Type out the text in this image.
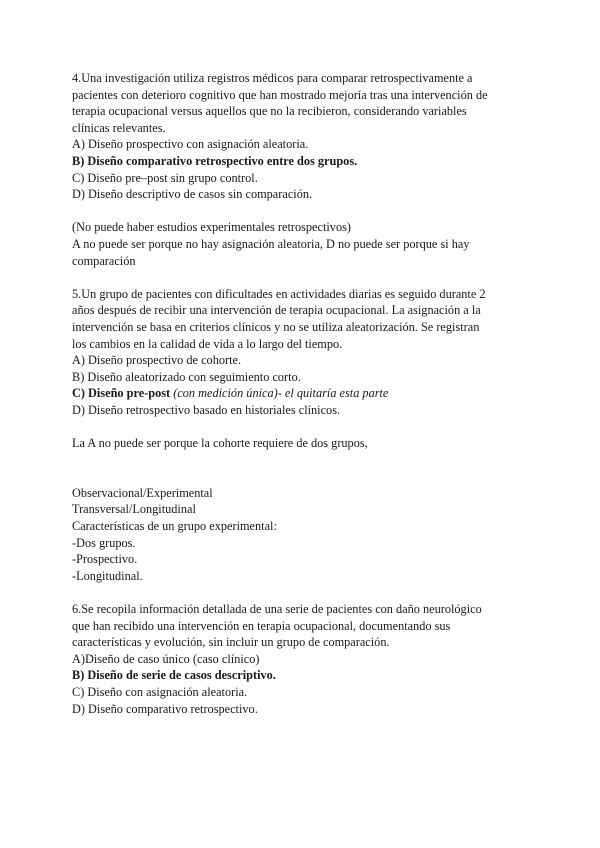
4.Una investigación utiliza registros médicos para comparar retrospectivamente a
pacientes con deterioro cognitivo que han mostrado mejoría tras una intervención de
terapia ocupacional versus aquellos que no la recibieron, considerando variables
clínicas relevantes.
A) Diseño prospectivo con asignación aleatoria.
B) Diseño comparativo retrospectivo entre dos grupos.
C) Diseño pre–post sin grupo control.
D) Diseño descriptivo de casos sin comparación.
(No puede haber estudios experimentales retrospectivos)
A no puede ser porque no hay asignación aleatoria, D no puede ser porque si hay
comparación
5.Un grupo de pacientes con dificultades en actividades diarias es seguido durante 2
años después de recibir una intervención de terapia ocupacional. La asignación a la
intervención se basa en criterios clínicos y no se utiliza aleatorización. Se registran
los cambios en la calidad de vida a lo largo del tiempo.
A) Diseño prospectivo de cohorte.
B) Diseño aleatorizado con seguimiento corto.
C) Diseño pre-post (con medición única)- el quitaría esta parte
D) Diseño retrospectivo basado en historiales clínicos.
La A no puede ser porque la cohorte requiere de dos grupos,
Observacional/Experimental
Transversal/Longitudinal
Características de un grupo experimental:
-Dos grupos.
-Prospectivo.
-Longitudinal.
6.Se recopila información detallada de una serie de pacientes con daño neurológico
que han recibido una intervención en terapia ocupacional, documentando sus
características y evolución, sin incluir un grupo de comparación.
A)Diseño de caso único (caso clínico)
B) Diseño de serie de casos descriptivo.
C) Diseño con asignación aleatoria.
D) Diseño comparativo retrospectivo.
